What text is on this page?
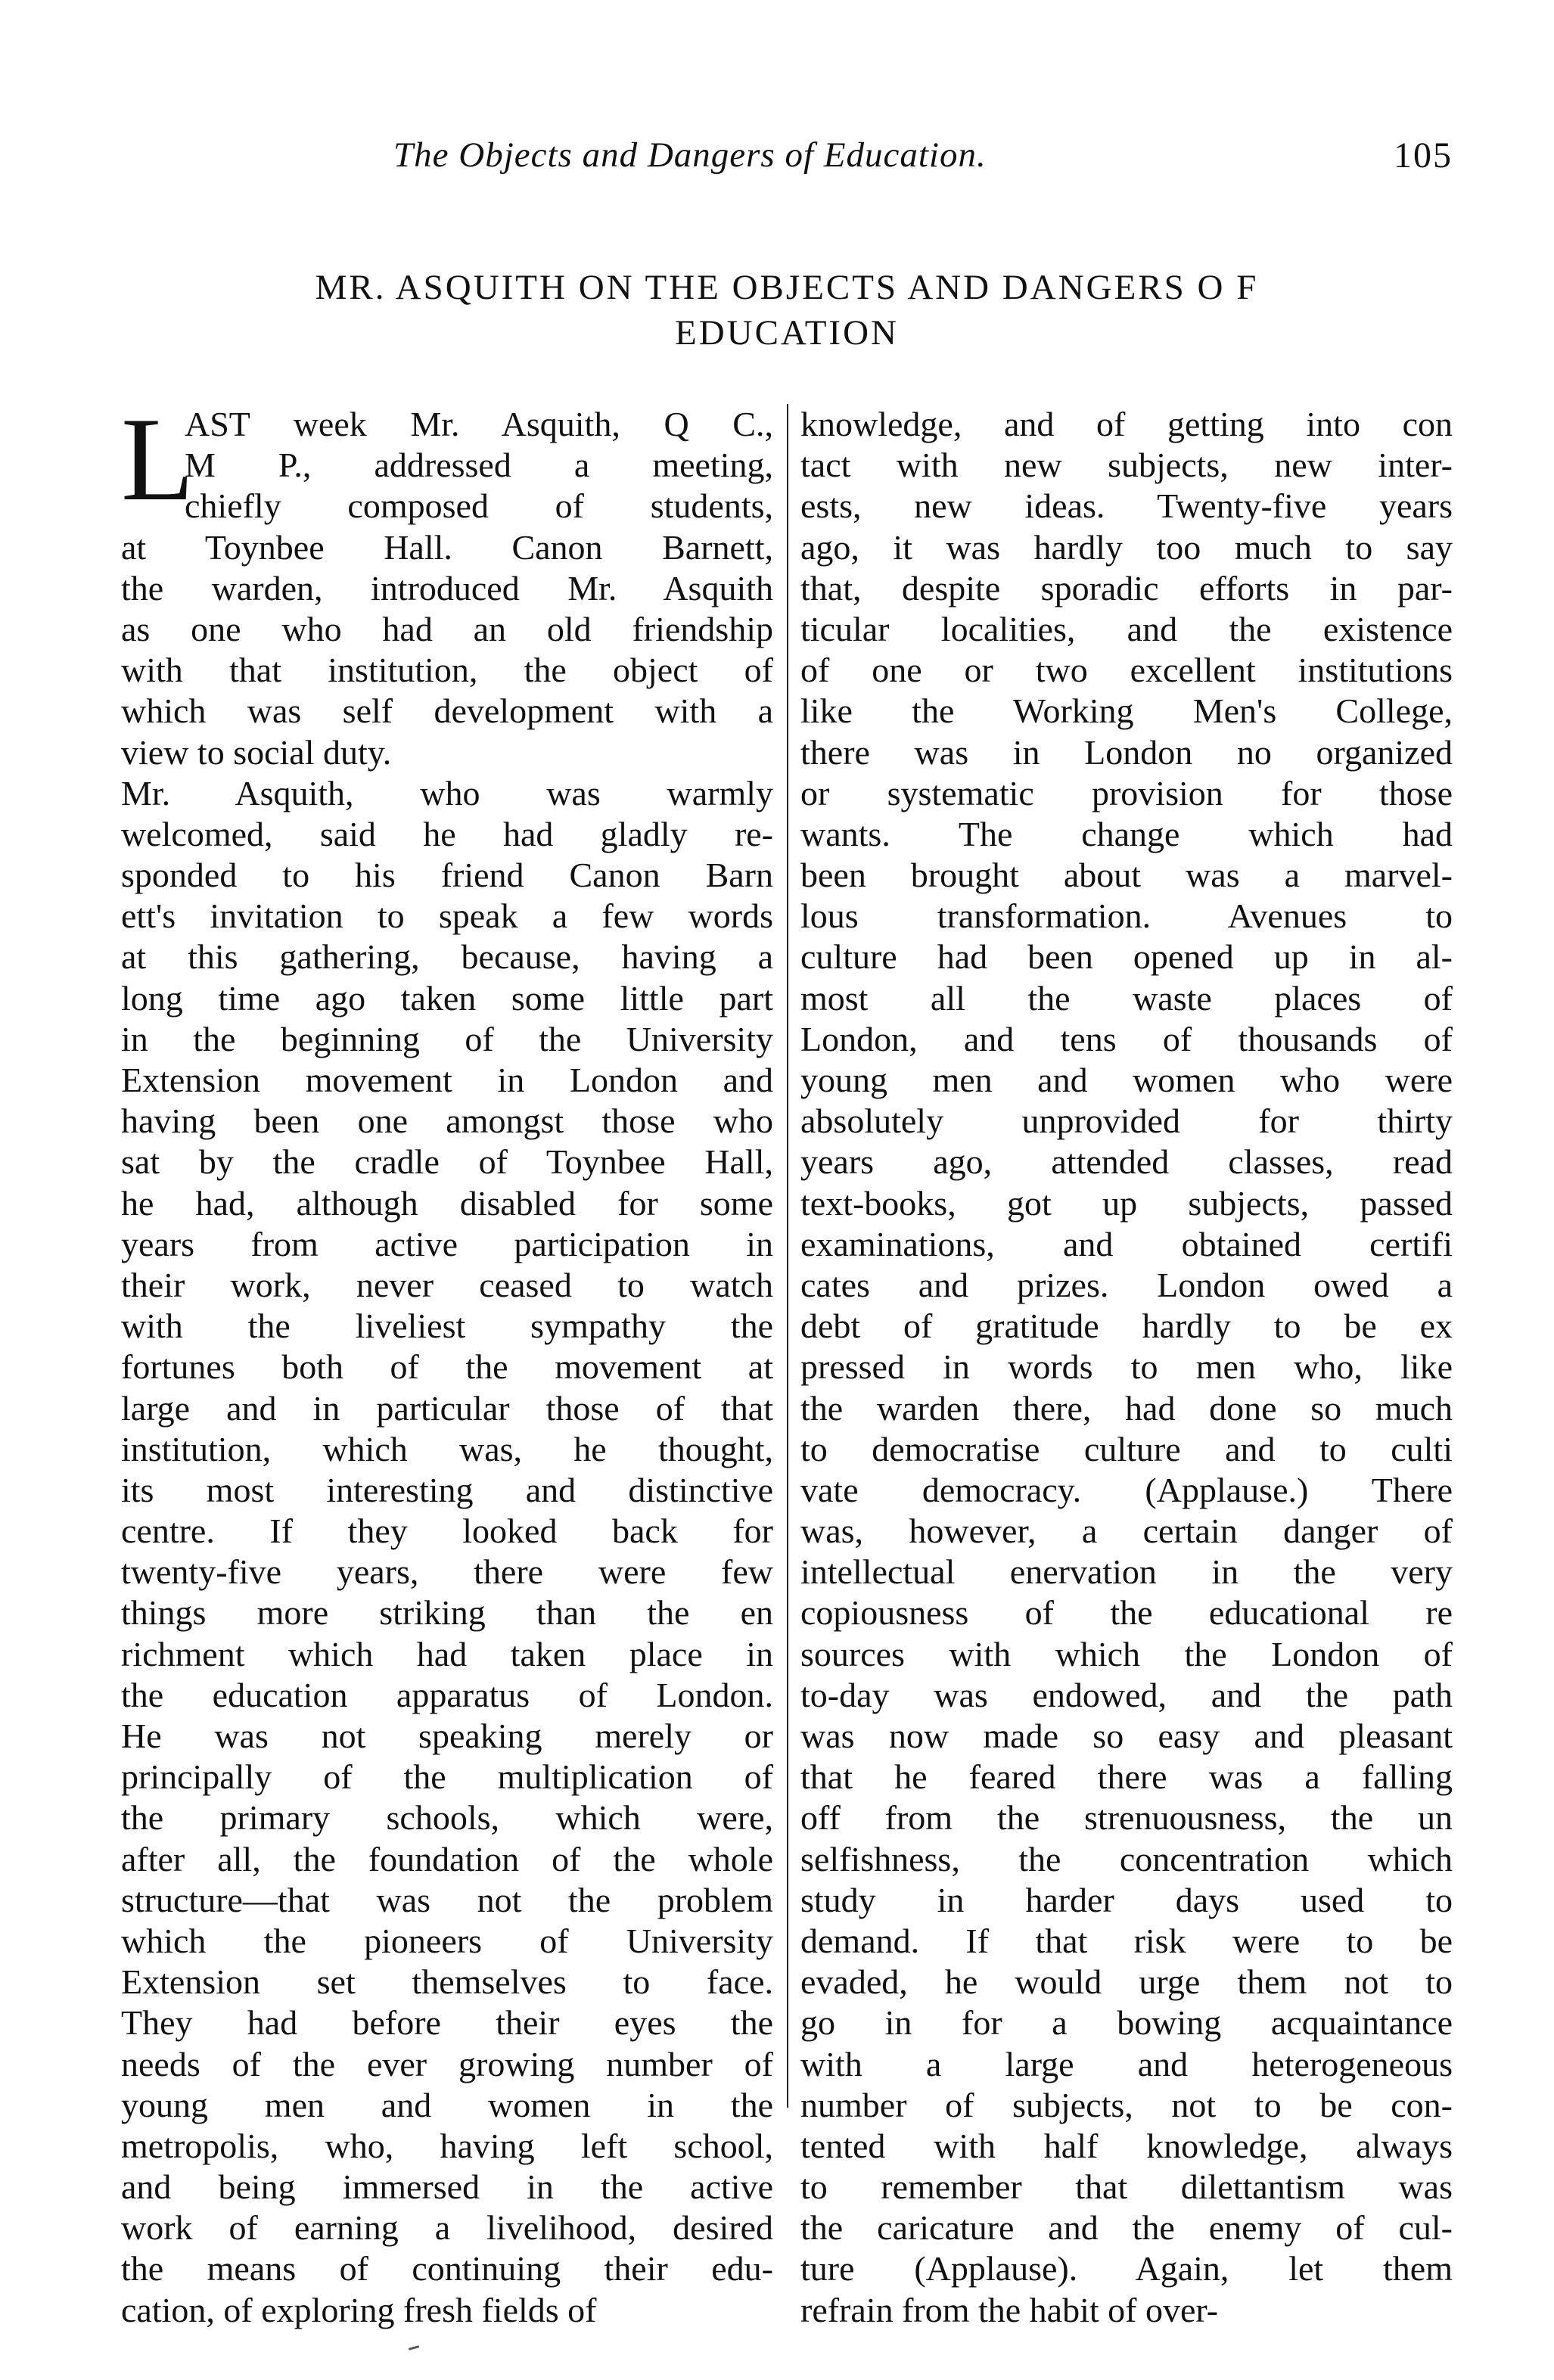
The Objects and Dangers of Education.	105
MR. ASQUITH ON THE OBJECTS AND DANGERS O F
EDUCATION
L
AST week Mr. Asquith, Q C.,
M P., addressed a meeting,
chiefly composed of students,
at Toynbee Hall. Canon Barnett,
the warden, introduced Mr. Asquith
as one who had an old friendship
with that institution, the object of
which was self development with a
view to social duty.
Mr. Asquith, who was warmly
welcomed, said he had gladly re-
sponded to his friend Canon Barn
ett's invitation to speak a few words
at this gathering, because, having a
long time ago taken some little part
in the beginning of the University
Extension movement in London and
having been one amongst those who
sat by the cradle of Toynbee Hall,
he had, although disabled for some
years from active participation in
their work, never ceased to watch
with the liveliest sympathy the
fortunes both of the movement at
large and in particular those of that
institution, which was, he thought,
its most interesting and distinctive
centre. If they looked back for
twenty-five years, there were few
things more striking than the en
richment which had taken place in
the education apparatus of London.
He was not speaking merely or
principally of the multiplication of
the primary schools, which were,
after all, the foundation of the whole
structure—that was not the problem
which the pioneers of University
Extension set themselves to face.
They had before their eyes the
needs of the ever growing number of
young men and women in the
metropolis, who, having left school,
and being immersed in the active
work of earning a livelihood, desired
the means of continuing their edu-
cation, of exploring fresh fields of
knowledge, and of getting into con
tact with new subjects, new inter-
ests, new ideas. Twenty-five years
ago, it was hardly too much to say
that, despite sporadic efforts in par-
ticular localities, and the existence
of one or two excellent institutions
like the Working Men's College,
there was in London no organized
or systematic provision for those
wants. The change which had
been brought about was a marvel-
lous transformation. Avenues to
culture had been opened up in al-
most all the waste places of
London, and tens of thousands of
young men and women who were
absolutely unprovided for thirty
years ago, attended classes, read
text-books, got up subjects, passed
examinations, and obtained certifi
cates and prizes. London owed a
debt of gratitude hardly to be ex
pressed in words to men who, like
the warden there, had done so much
to democratise culture and to culti
vate democracy. (Applause.) There
was, however, a certain danger of
intellectual enervation in the very
copiousness of the educational re
sources with which the London of
to-day was endowed, and the path
was now made so easy and pleasant
that he feared there was a falling
off from the strenuousness, the un
selfishness, the concentration which
study in harder days used to
demand. If that risk were to be
evaded, he would urge them not to
go in for a bowing acquaintance
with a large and heterogeneous
number of subjects, not to be con-
tented with half knowledge, always
to remember that dilettantism was
the caricature and the enemy of cul-
ture (Applause). Again, let them
refrain from the habit of over-
